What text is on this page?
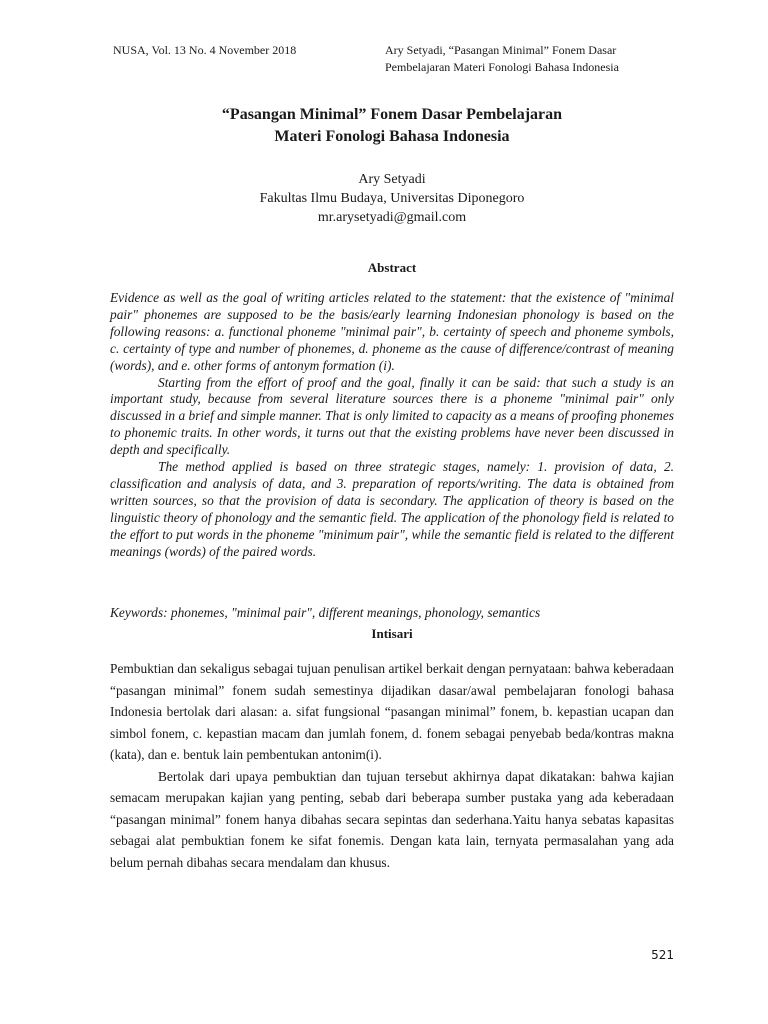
NUSA, Vol. 13 No. 4 November 2018	Ary Setyadi, “Pasangan Minimal” Fonem Dasar
Pembelajaran Materi Fonologi Bahasa Indonesia
“Pasangan Minimal” Fonem Dasar Pembelajaran
Materi Fonologi Bahasa Indonesia
Ary Setyadi
Fakultas Ilmu Budaya, Universitas Diponegoro
mr.arysetyadi@gmail.com
Abstract

Evidence as well as the goal of writing articles related to the statement: that the existence of "minimal pair" phonemes are supposed to be the basis/early learning Indonesian phonology is based on the following reasons: a. functional phoneme "minimal pair", b. certainty of speech and phoneme symbols, c. certainty of type and number of phonemes, d. phoneme as the cause of difference/contrast of meaning (words), and e. other forms of antonym formation (i).

Starting from the effort of proof and the goal, finally it can be said: that such a study is an important study, because from several literature sources there is a phoneme "minimal pair" only discussed in a brief and simple manner. That is only limited to capacity as a means of proofing phonemes to phonemic traits. In other words, it turns out that the existing problems have never been discussed in depth and specifically.

The method applied is based on three strategic stages, namely: 1. provision of data, 2. classification and analysis of data, and 3. preparation of reports/writing. The data is obtained from written sources, so that the provision of data is secondary. The application of theory is based on the linguistic theory of phonology and the semantic field. The application of the phonology field is related to the effort to put words in the phoneme "minimum pair", while the semantic field is related to the different meanings (words) of the paired words.

Keywords: phonemes, "minimal pair", different meanings, phonology, semantics
Intisari

Pembuktian dan sekaligus sebagai tujuan penulisan artikel berkait dengan pernyataan: bahwa keberadaan “pasangan minimal” fonem sudah semestinya dijadikan dasar/awal pembelajaran fonologi bahasa Indonesia bertolak dari alasan: a. sifat fungsional “pasangan minimal” fonem, b. kepastian ucapan dan simbol fonem, c. kepastian macam dan jumlah fonem, d. fonem sebagai penyebab beda/kontras makna (kata), dan e. bentuk lain pembentukan antonim(i).

Bertolak dari upaya pembuktian dan tujuan tersebut akhirnya dapat dikatakan: bahwa kajian semacam merupakan kajian yang penting, sebab dari beberapa sumber pustaka yang ada keberadaan “pasangan minimal” fonem hanya dibahas secara sepintas dan sederhana.Yaitu hanya sebatas kapasitas sebagai alat pembuktian fonem ke sifat fonemis. Dengan kata lain, ternyata permasalahan yang ada belum pernah dibahas secara mendalam dan khusus.

521
